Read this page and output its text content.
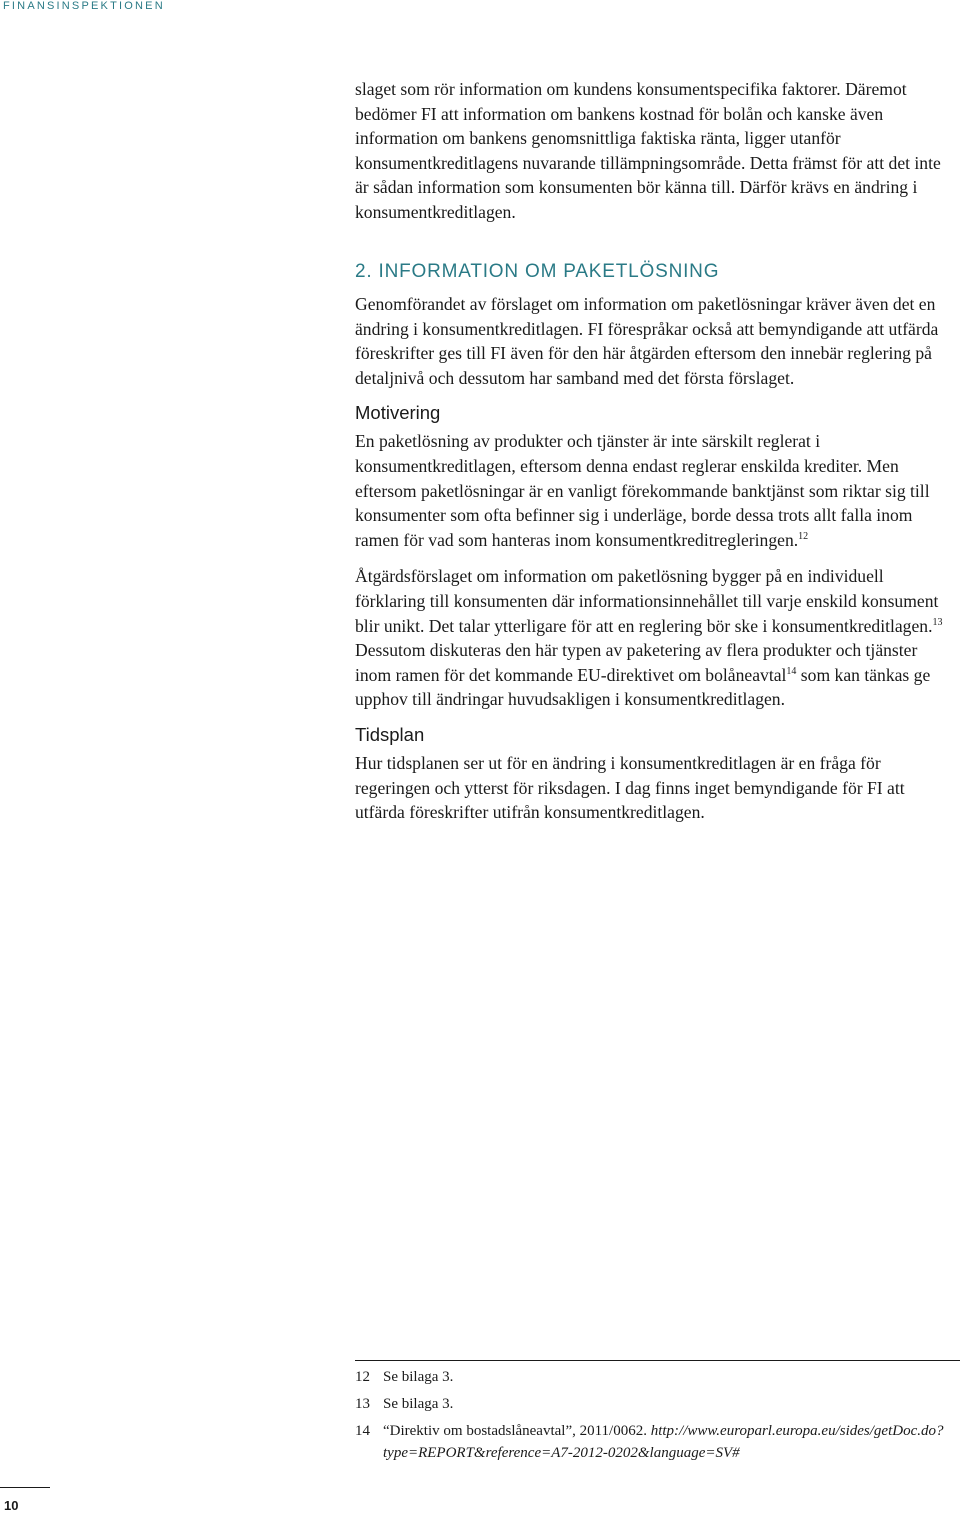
FINANSINSPEKTIONEN

slaget som rör information om kundens konsumentspecifika faktorer. Däremot bedömer FI att information om bankens kostnad för bolån och kanske även information om bankens genomsnittliga faktiska ränta, ligger utanför konsumentkreditlagens nuvarande tillämpningsområde. Detta främst för att det inte är sådan information som konsumenten bör känna till. Därför krävs en ändring i konsumentkreditlagen.

2. INFORMATION OM PAKETLÖSNING

Genomförandet av förslaget om information om paketlösningar kräver även det en ändring i konsumentkreditlagen. FI förespråkar också att bemyndigande att utfärda föreskrifter ges till FI även för den här åtgärden eftersom den innebär reglering på detaljnivå och dessutom har samband med det första förslaget.

Motivering

En paketlösning av produkter och tjänster är inte särskilt reglerat i konsumentkreditlagen, eftersom denna endast reglerar enskilda krediter. Men eftersom paketlösningar är en vanligt förekommande banktjänst som riktar sig till konsumenter som ofta befinner sig i underläge, borde dessa trots allt falla inom ramen för vad som hanteras inom konsumentkreditregleringen.$^{12}$

Åtgärdsförslaget om information om paketlösning bygger på en individuell förklaring till konsumenten där informationsinnehållet till varje enskild konsument blir unikt. Det talar ytterligare för att en reglering bör ske i konsumentkreditlagen.$^{13}$ Dessutom diskuteras den här typen av paketering av flera produkter och tjänster inom ramen för det kommande EU-direktivet om bolåneavtal$^{14}$ som kan tänkas ge upphov till ändringar huvudsakligen i konsumentkreditlagen.

Tidsplan

Hur tidsplanen ser ut för en ändring i konsumentkreditlagen är en fråga för regeringen och ytterst för riksdagen. I dag finns inget bemyndigande för FI att utfärda föreskrifter utifrån konsumentkreditlagen.

12 Se bilaga 3.
13 Se bilaga 3.
14 “Direktiv om bostadslåneavtal”, 2011/0062. http://www.europarl.europa.eu/sides/getDoc.do?type=REPORT&reference=A7-2012-0202&language=SV#
10
